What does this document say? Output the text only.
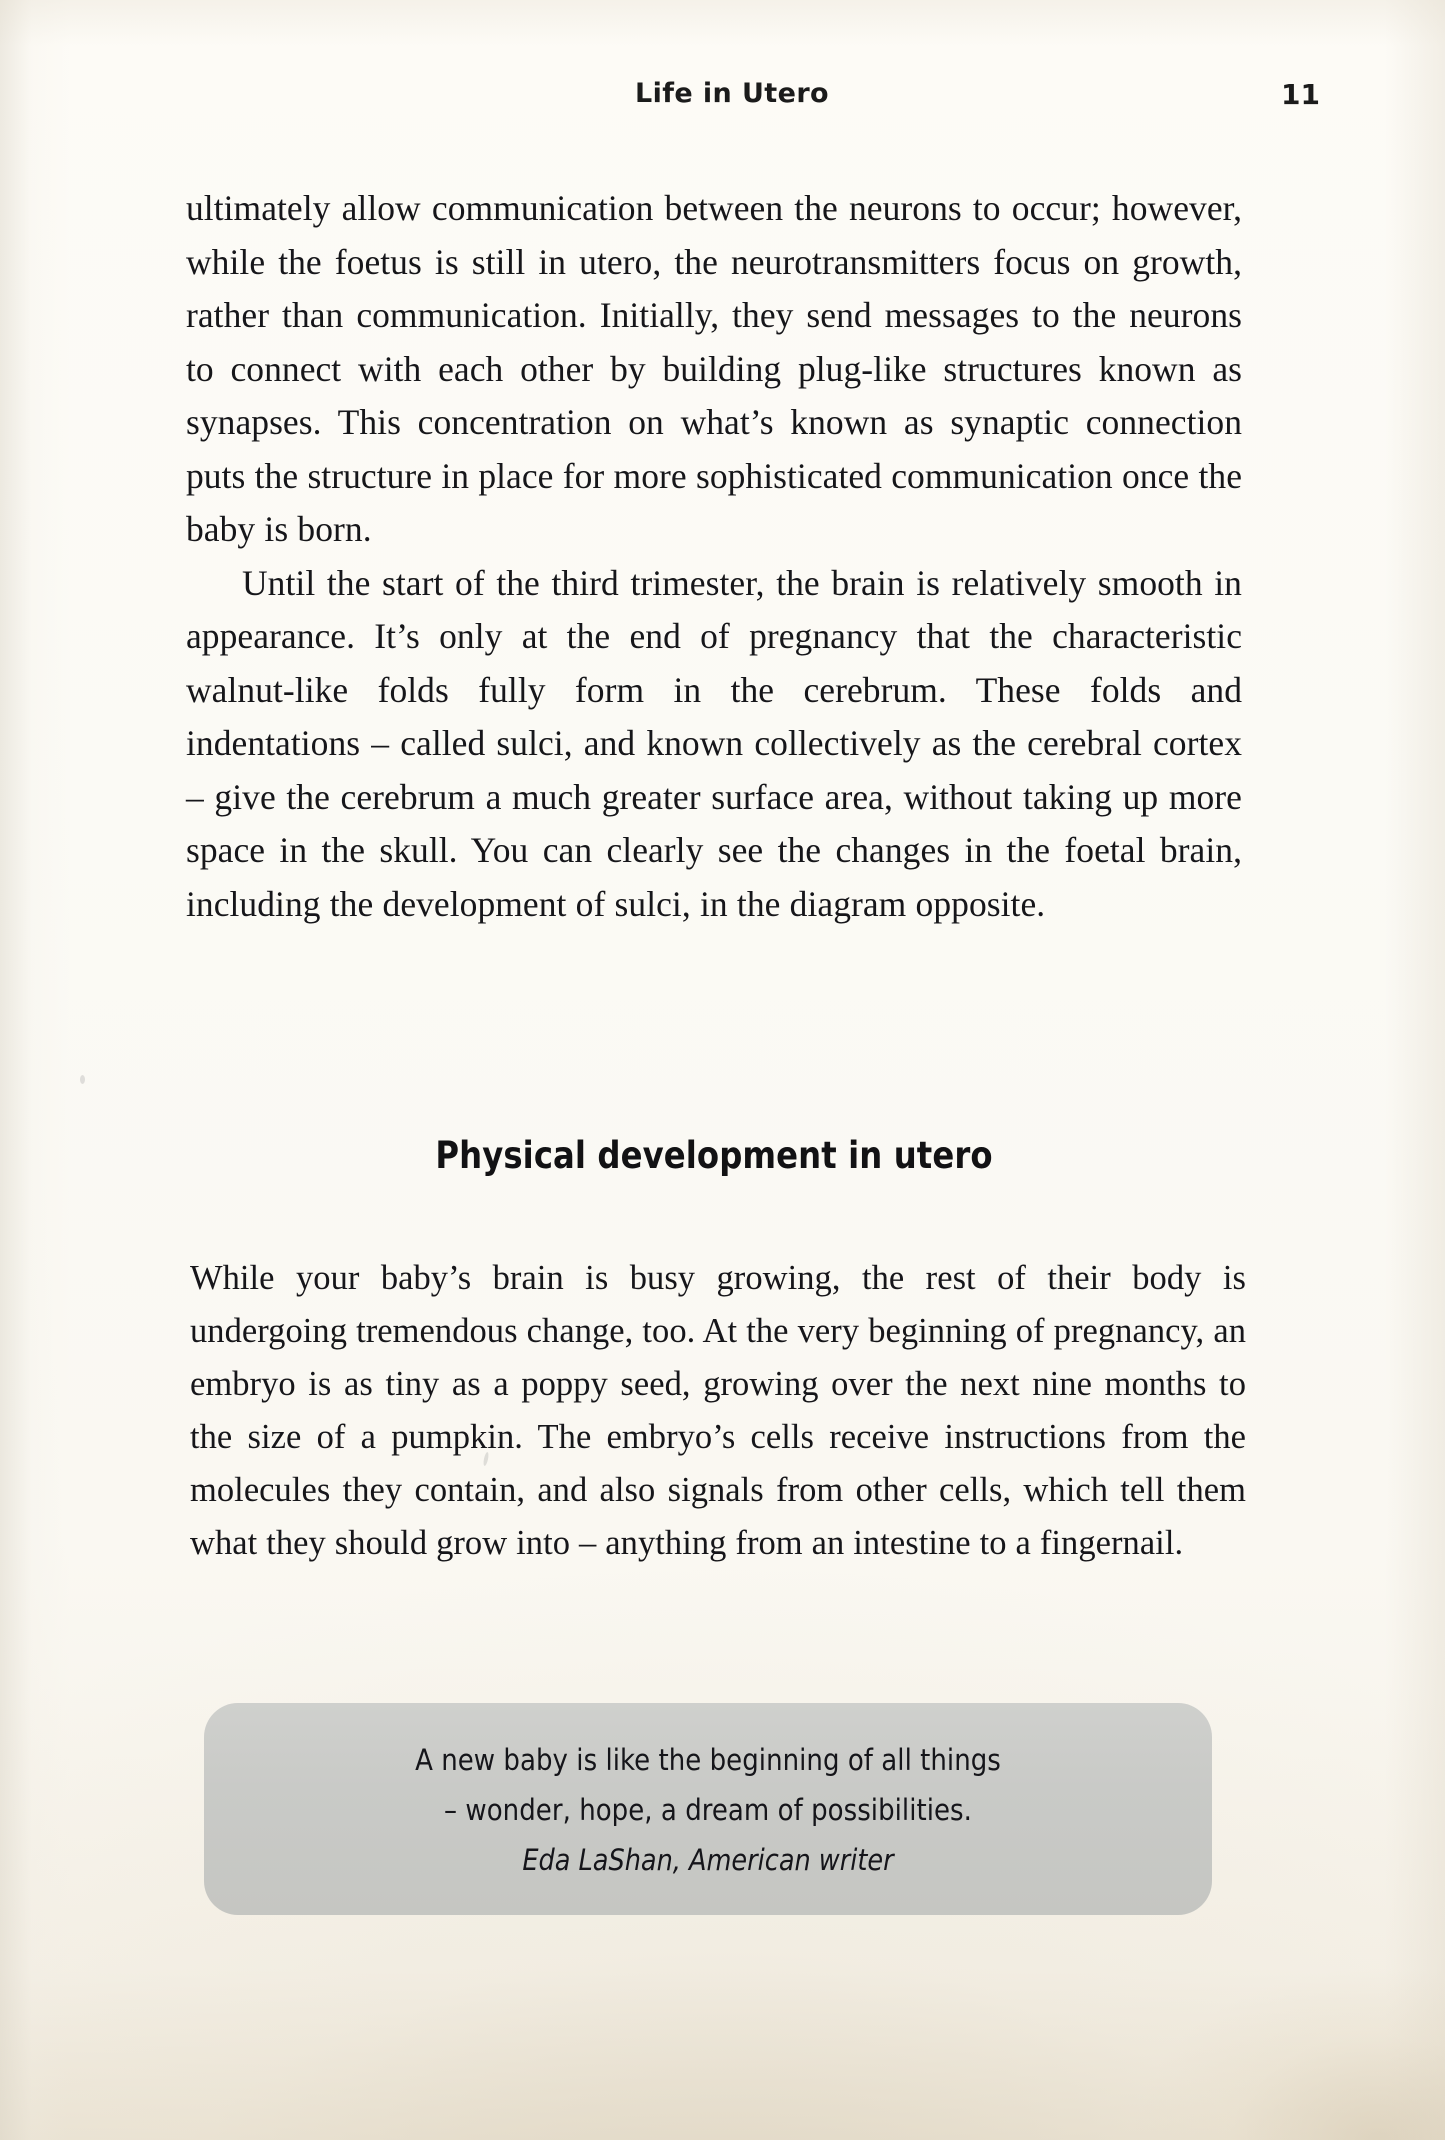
Life in Utero	11

ultimately allow communication between the neurons to occur; however, while the foetus is still in utero, the neurotransmitters focus on growth, rather than communication. Initially, they send messages to the neurons to connect with each other by building plug-like structures known as synapses. This concentration on what’s known as synaptic connection puts the structure in place for more sophisticated communication once the baby is born.

Until the start of the third trimester, the brain is relatively smooth in appearance. It’s only at the end of pregnancy that the characteristic walnut-like folds fully form in the cerebrum. These folds and indentations – called sulci, and known collectively as the cerebral cortex – give the cerebrum a much greater surface area, without taking up more space in the skull. You can clearly see the changes in the foetal brain, including the development of sulci, in the diagram opposite.

Physical development in utero

While your baby’s brain is busy growing, the rest of their body is undergoing tremendous change, too. At the very beginning of pregnancy, an embryo is as tiny as a poppy seed, growing over the next nine months to the size of a pumpkin. The embryo’s cells receive instructions from the molecules they contain, and also signals from other cells, which tell them what they should grow into – anything from an intestine to a fingernail.

A new baby is like the beginning of all things
– wonder, hope, a dream of possibilities.
Eda LaShan, American writer
